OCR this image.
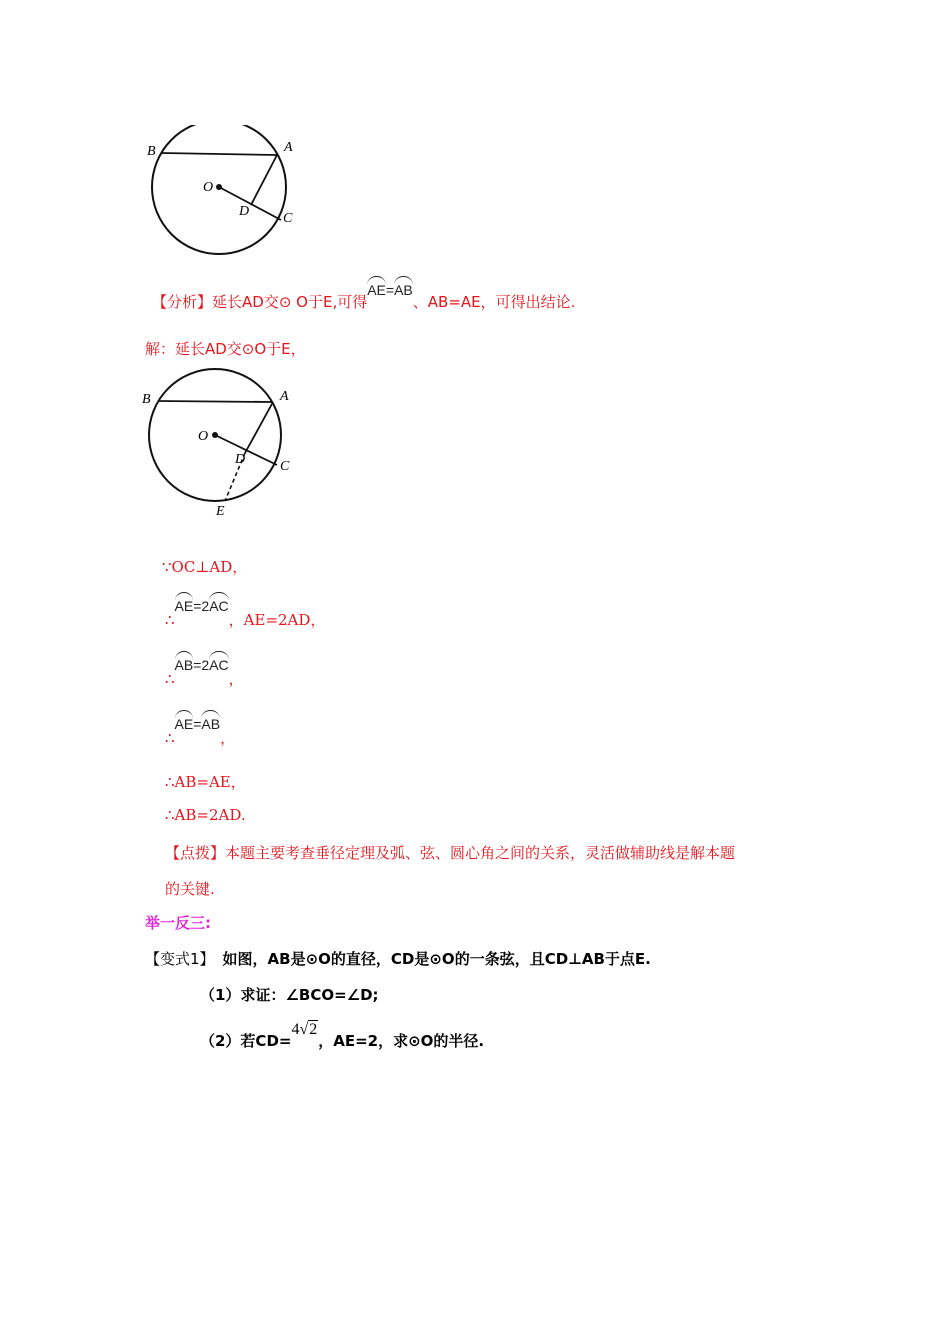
B	A
O
D C
【分析】延长AD交⊙ O于E,可得AE=AB、AB=AE，可得出结论.
解：延长AD交⊙O于E，
B	A
O
D C
E
∵OC⊥AD，
∴AE=2AC，AE=2AD，
∴AB=2AC，
∴AE=AB，
∴AB=AE，
∴AB=2AD.
【点拨】本题主要考查垂径定理及弧、弦、圆心角之间的关系，灵活做辅助线是解本题
的关键.
举一反三:
【变式1】 如图，AB是⊙O的直径，CD是⊙O的一条弦，且CD⊥AB于点E.
（1）求证：∠BCO=∠D;
（2）若CD=4√2，AE=2，求⊙O的半径.
